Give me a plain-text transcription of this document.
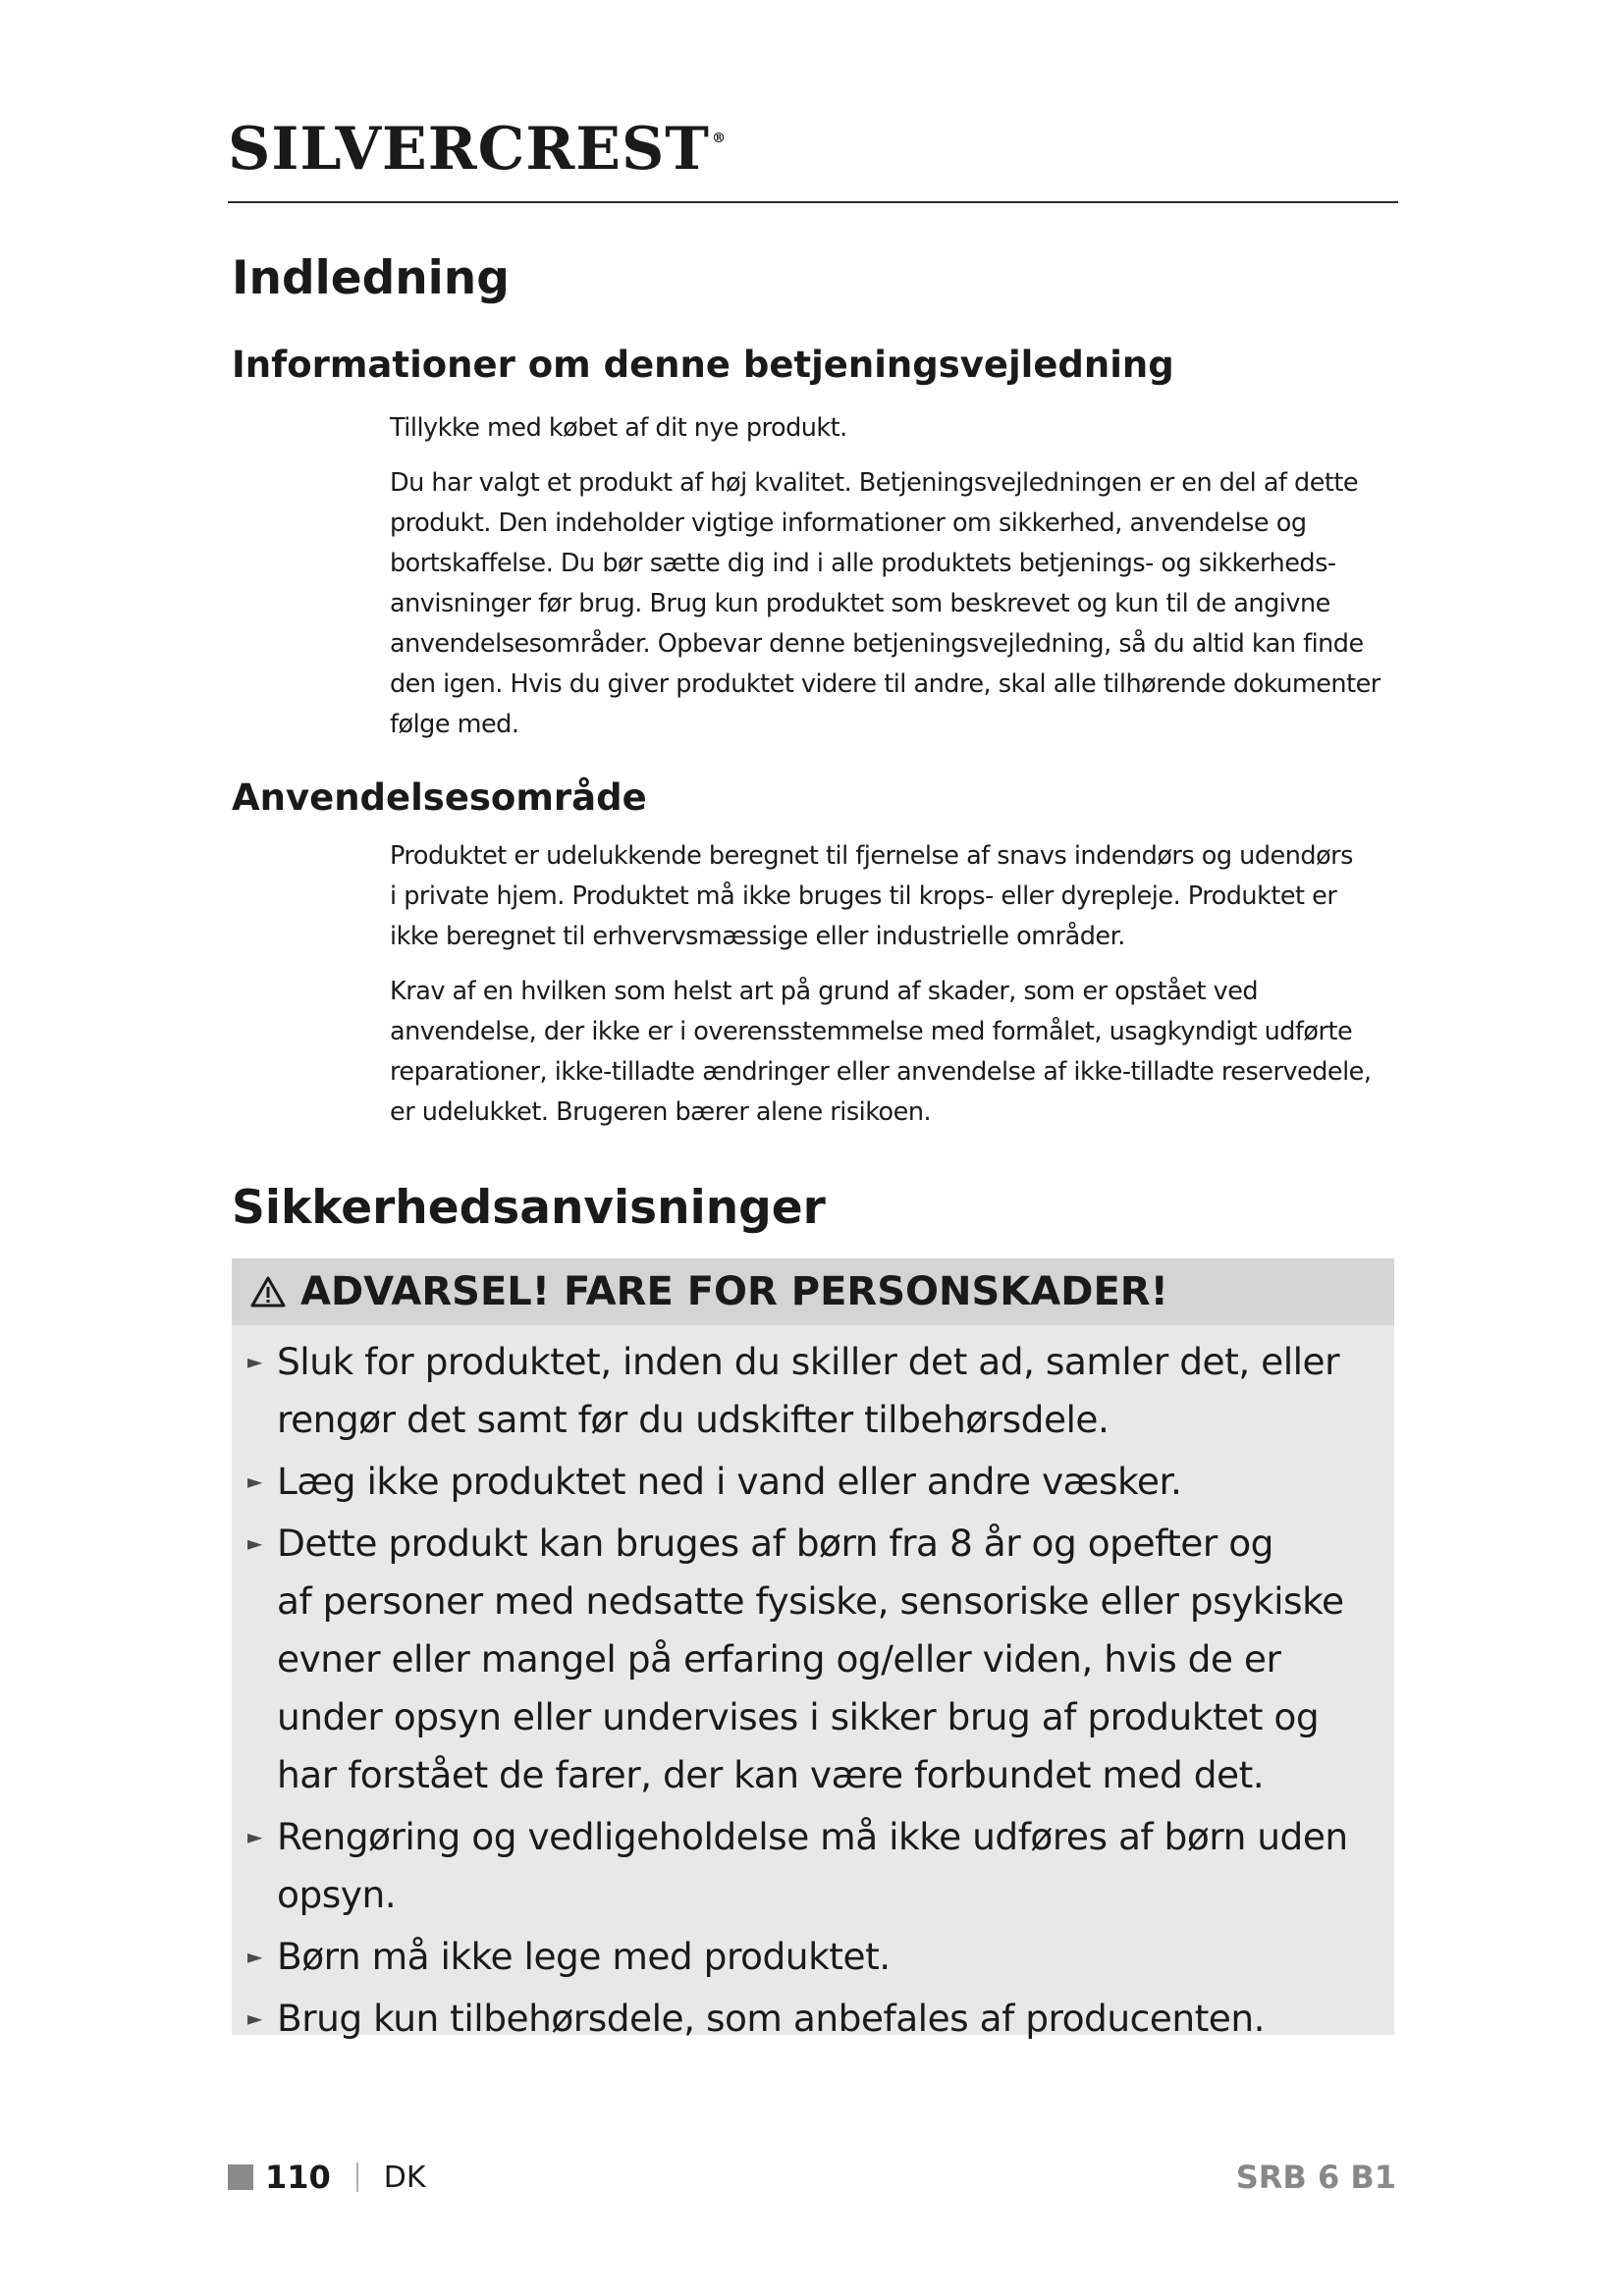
SILVERCREST ®
Indledning
Informationer om denne betjeningsvejledning

Tillykke med købet af dit nye produkt.

Du har valgt et produkt af høj kvalitet. Betjeningsvejledningen er en del af dette
produkt. Den indeholder vigtige informationer om sikkerhed, anvendelse og
bortskaffelse. Du bør sætte dig ind i alle produktets betjenings- og sikkerheds-
anvisninger før brug. Brug kun produktet som beskrevet og kun til de angivne
anvendelsesområder. Opbevar denne betjeningsvejledning, så du altid kan finde
den igen. Hvis du giver produktet videre til andre, skal alle tilhørende dokumenter
følge med.

Anvendelsesområde

Produktet er udelukkende beregnet til fjernelse af snavs indendørs og udendørs
i private hjem. Produktet må ikke bruges til krops- eller dyrepleje. Produktet er
ikke beregnet til erhvervsmæssige eller industrielle områder.

Krav af en hvilken som helst art på grund af skader, som er opstået ved
anvendelse, der ikke er i overensstemmelse med formålet, usagkyndigt udførte
reparationer, ikke-tilladte ændringer eller anvendelse af ikke-tilladte reservedele,
er udelukket. Brugeren bærer alene risikoen.

Sikkerhedsanvisninger
ADVARSEL! FARE FOR PERSONSKADER!
► Sluk for produktet, inden du skiller det ad, samler det, eller
rengør det samt før du udskifter tilbehørsdele.
► Læg ikke produktet ned i vand eller andre væsker.
► Dette produkt kan bruges af børn fra 8 år og opefter og
af personer med nedsatte fysiske, sensoriske eller psykiske
evner eller mangel på erfaring og/eller viden, hvis de er
under opsyn eller undervises i sikker brug af produktet og
har forstået de farer, der kan være forbundet med det.
► Rengøring og vedligeholdelse må ikke udføres af børn uden
opsyn.
► Børn må ikke lege med produktet.
► Brug kun tilbehørsdele, som anbefales af producenten.
110 DK	SRB 6 B1
